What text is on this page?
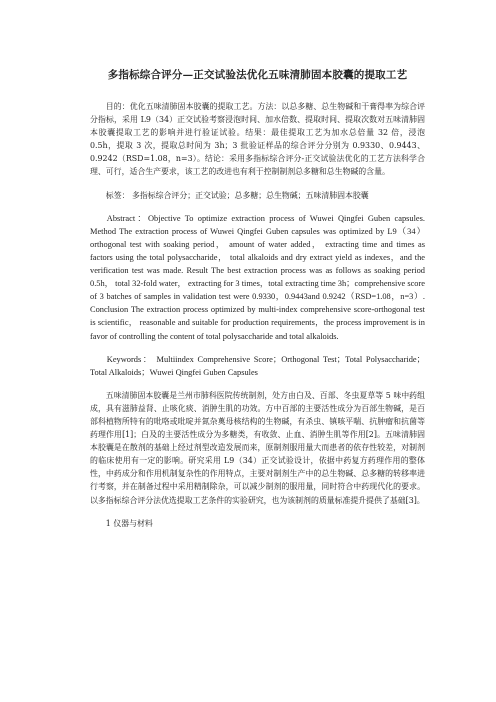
多指标综合评分—正交试验法优化五味清肺固本胶囊的提取工艺

目的：优化五味清肺固本胶囊的提取工艺。方法：以总多糖、总生物碱和干膏得率为综合评分指标，采用 L9（34）正交试验考察浸泡时间、加水倍数、提取时间、提取次数对五味清肺固本胶囊提取工艺的影响并进行验证试验。结果：最佳提取工艺为加水总倍量 32 倍，浸泡 0.5h，提取 3 次，提取总时间为 3h；3 批验证样品的综合评分分别为 0.9330、0.9443、0.9242（RSD=1.08，n=3）。结论：采用多指标综合评分-正交试验法优化的工艺方法科学合理、可行，适合生产要求，该工艺的改进也有利于控制制剂总多糖和总生物碱的含量。

标签： 多指标综合评分；正交试验；总多糖；总生物碱；五味清肺固本胶囊

Abstract：Objective To optimize extraction process of Wuwei Qingfei Guben capsules. Method The extraction process of Wuwei Qingfei Guben capsules was optimized by L9（34） orthogonal test with soaking period， amount of water added， extracting time and times as factors using the total polysaccharide， total alkaloids and dry extract yield as indexes，and the verification test was made. Result The best extraction process was as follows as soaking period 0.5h， total 32-fold water， extracting for 3 times，total extracting time 3h；comprehensive score of 3 batches of samples in validation test were 0.9330，0.9443and 0.9242（RSD=1.08，n=3）. Conclusion The extraction process optimized by multi-index comprehensive score-orthogonal test is scientific， reasonable and suitable for production requirements，the process improvement is in favor of controlling the content of total polysaccharide and total alkaloids.

Keywords： Multiindex Comprehensive Score；Orthogonal Test；Total Polysaccharide；Total Alkaloids；Wuwei Qingfei Guben Capsules

五味清肺固本胶囊是兰州市肺科医院传统制剂，处方由白及、百部、冬虫夏草等 5 味中药组成，具有滋肺益肾、止咳化痰、消肿生肌的功效。方中百部的主要活性成分为百部生物碱，是百部科植物所特有的吡咯或吡啶并氮杂薁母核结构的生物碱，有杀虫、镇咳平喘、抗肿瘤和抗菌等药理作用[1]；白及的主要活性成分为多糖类，有收敛、止血、消肿生肌等作用[2]。五味清肺固本胶囊是在散剂的基础上经过剂型改造发展而来，原制剂服用量大而患者的依存性较差，对制剂的临床使用有一定的影响。研究采用 L9（34）正交试验设计，依据中药复方药理作用的整体性，中药成分和作用机制复杂性的作用特点，主要对制剂生产中的总生物碱、总多糖的转移率进行考察，并在制备过程中采用精制除杂，可以减少制剂的服用量，同时符合中药现代化的要求。以多指标综合评分法优选提取工艺条件的实验研究，也为该制剂的质量标准提升提供了基础[3]。

1 仪器与材料
